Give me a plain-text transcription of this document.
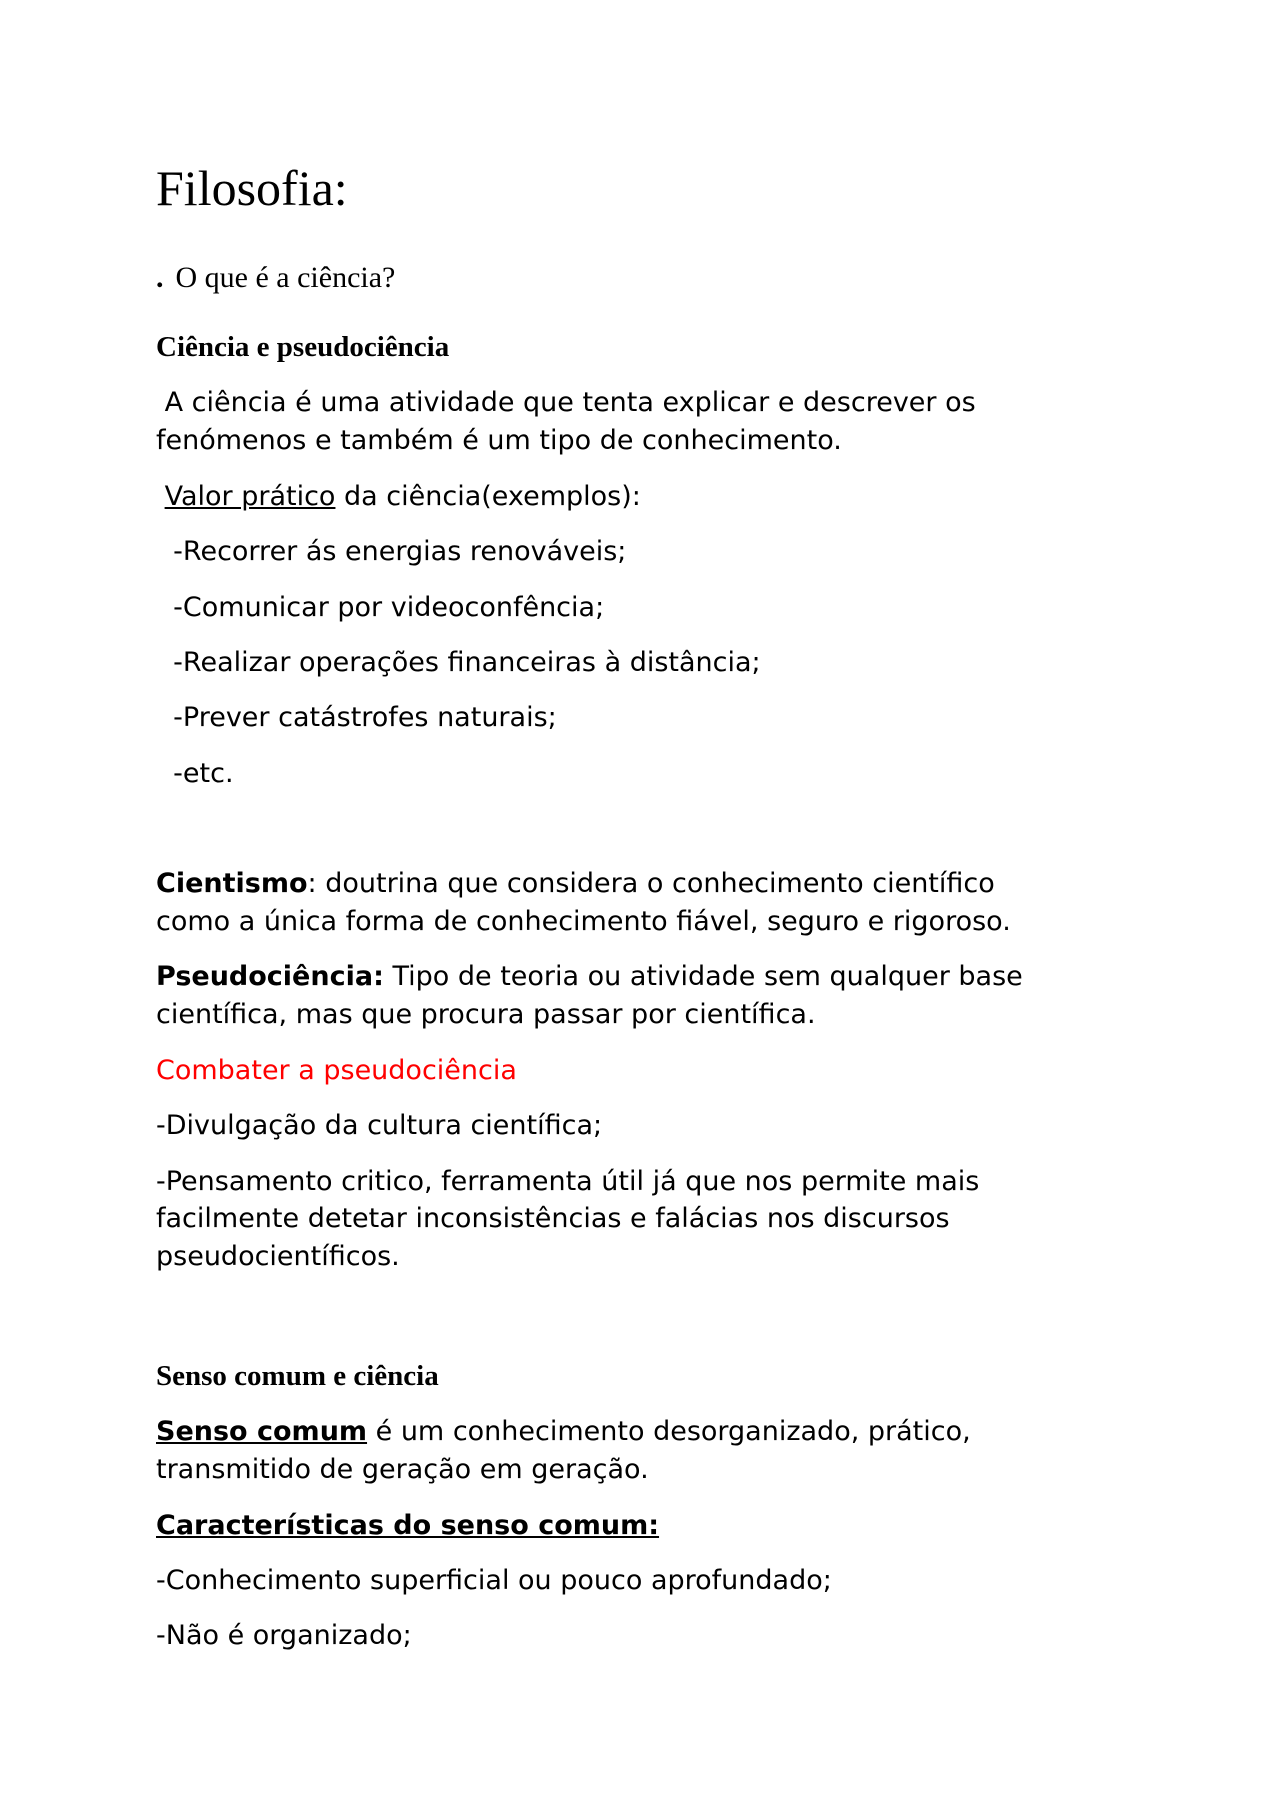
Filosofia:
. O que é a ciência?
Ciência e pseudociência
A ciência é uma atividade que tenta explicar e descrever os
fenómenos e também é um tipo de conhecimento.
Valor prático da ciência(exemplos):
-Recorrer ás energias renováveis;
-Comunicar por videoconfência;
-Realizar operações financeiras à distância;
-Prever catástrofes naturais;
-etc.
Cientismo: doutrina que considera o conhecimento científico
como a única forma de conhecimento fiável, seguro e rigoroso.
Pseudociência: Tipo de teoria ou atividade sem qualquer base
científica, mas que procura passar por científica.
Combater a pseudociência
-Divulgação da cultura científica;
-Pensamento critico, ferramenta útil já que nos permite mais
facilmente detetar inconsistências e falácias nos discursos
pseudocientíficos.
Senso comum e ciência
Senso comum é um conhecimento desorganizado, prático,
transmitido de geração em geração.
Características do senso comum:
-Conhecimento superficial ou pouco aprofundado;
-Não é organizado;
